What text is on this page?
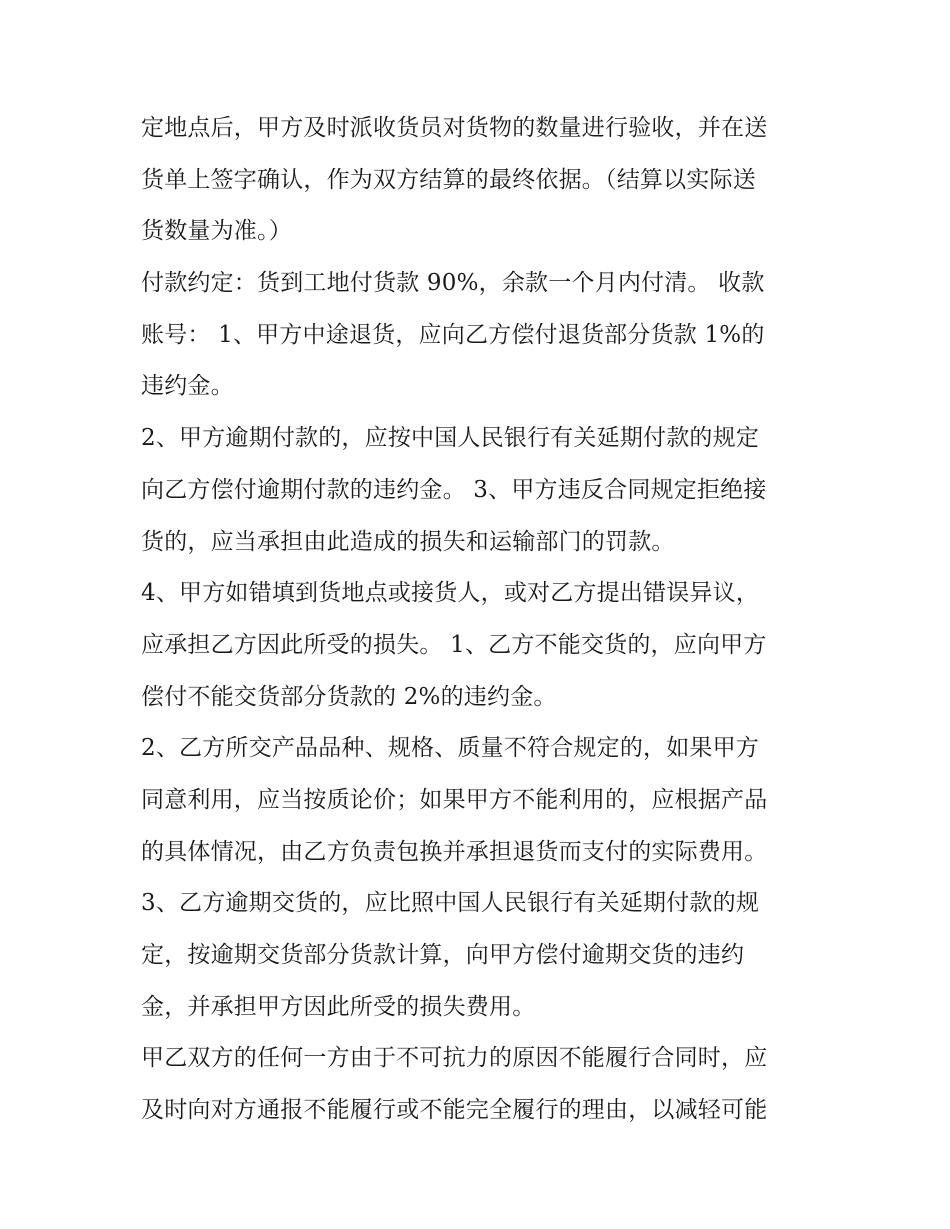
定地点后，甲方及时派收货员对货物的数量进行验收，并在送
货单上签字确认，作为双方结算的最终依据。（结算以实际送
货数量为准。）
付款约定：货到工地付货款 90%，余款一个月内付清。 收款
账号： 1、甲方中途退货，应向乙方偿付退货部分货款 1%的
违约金。
2、甲方逾期付款的，应按中国人民银行有关延期付款的规定
向乙方偿付逾期付款的违约金。 3、甲方违反合同规定拒绝接
货的，应当承担由此造成的损失和运输部门的罚款。
4、甲方如错填到货地点或接货人，或对乙方提出错误异议，
应承担乙方因此所受的损失。 1、乙方不能交货的，应向甲方
偿付不能交货部分货款的 2%的违约金。
2、乙方所交产品品种、规格、质量不符合规定的，如果甲方
同意利用，应当按质论价；如果甲方不能利用的，应根据产品
的具体情况，由乙方负责包换并承担退货而支付的实际费用。
3、乙方逾期交货的，应比照中国人民银行有关延期付款的规
定，按逾期交货部分货款计算，向甲方偿付逾期交货的违约
金，并承担甲方因此所受的损失费用。
甲乙双方的任何一方由于不可抗力的原因不能履行合同时，应
及时向对方通报不能履行或不能完全履行的理由，以减轻可能
